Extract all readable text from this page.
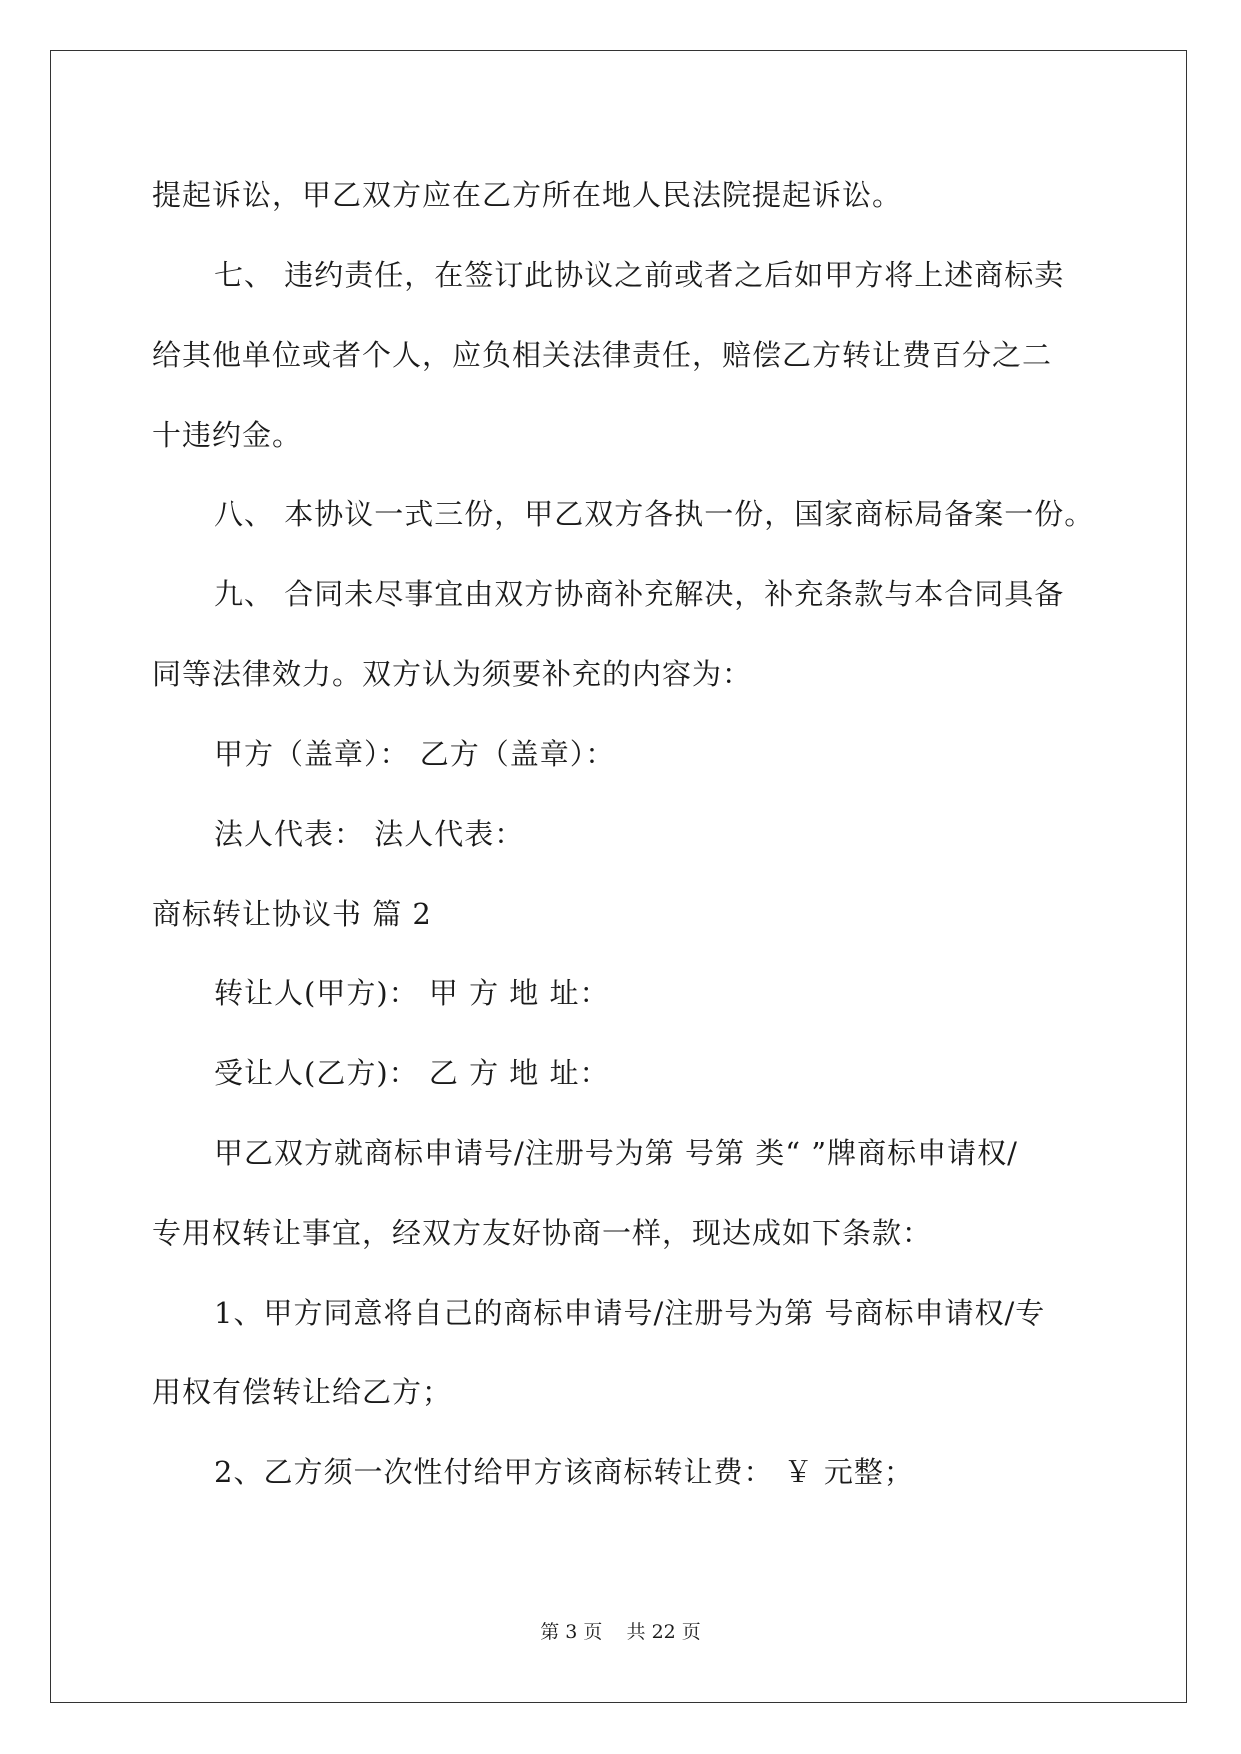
提起诉讼，甲乙双方应在乙方所在地人民法院提起诉讼。
七、 违约责任，在签订此协议之前或者之后如甲方将上述商标卖
给其他单位或者个人，应负相关法律责任，赔偿乙方转让费百分之二
十违约金。
八、 本协议一式三份，甲乙双方各执一份，国家商标局备案一份。
九、 合同未尽事宜由双方协商补充解决，补充条款与本合同具备
同等法律效力。双方认为须要补充的内容为：
甲方（盖章）： 乙方（盖章）：
法人代表： 法人代表：
商标转让协议书 篇 2
转让人(甲方)： 甲 方 地 址：
受让人(乙方)： 乙 方 地 址：
甲乙双方就商标申请号/注册号为第 号第 类“ ”牌商标申请权/
专用权转让事宜，经双方友好协商一样，现达成如下条款：
1、甲方同意将自己的商标申请号/注册号为第 号商标申请权/专
用权有偿转让给乙方；
2、乙方须一次性付给甲方该商标转让费： ￥ 元整；
第 3 页    共 22 页
